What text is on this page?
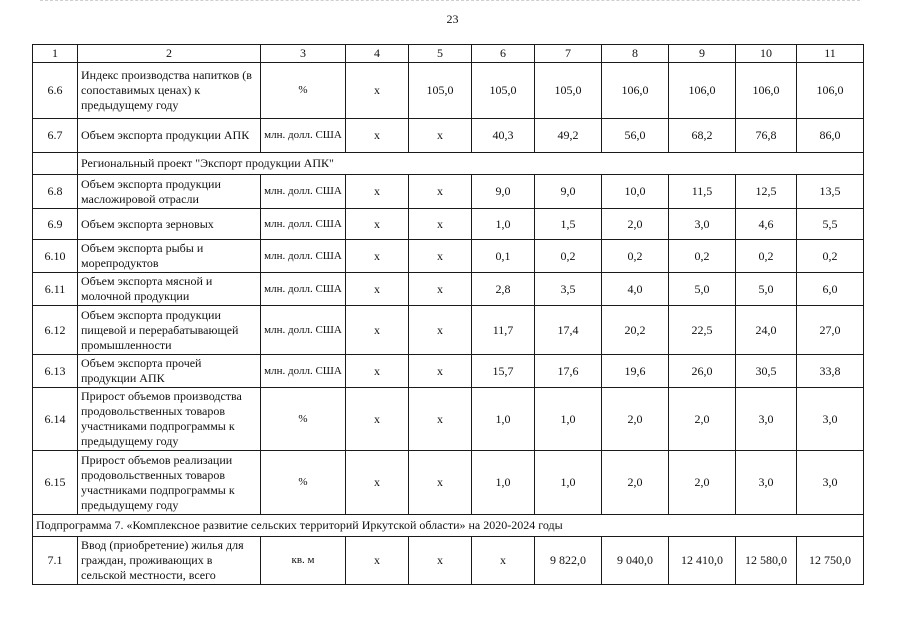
23
1	2	3	4	5	6	7	8	9	10	11
6.6	Индекс производства напитков (в сопоставимых ценах) к предыдущему году	%	x	105,0	105,0	105,0	106,0	106,0	106,0	106,0
6.7	Объем экспорта продукции АПК	млн. долл. США	x	x	40,3	49,2	56,0	68,2	76,8	86,0
	Региональный проект "Экспорт продукции АПК"									
6.8	Объем экспорта продукции масложировой отрасли	млн. долл. США	x	x	9,0	9,0	10,0	11,5	12,5	13,5
6.9	Объем экспорта зерновых	млн. долл. США	x	x	1,0	1,5	2,0	3,0	4,6	5,5
6.10	Объем экспорта рыбы и морепродуктов	млн. долл. США	x	x	0,1	0,2	0,2	0,2	0,2	0,2
6.11	Объем экспорта мясной и молочной продукции	млн. долл. США	x	x	2,8	3,5	4,0	5,0	5,0	6,0
6.12	Объем экспорта продукции пищевой и перерабатывающей промышленности	млн. долл. США	x	x	11,7	17,4	20,2	22,5	24,0	27,0
6.13	Объем экспорта прочей продукции АПК	млн. долл. США	x	x	15,7	17,6	19,6	26,0	30,5	33,8
6.14	Прирост объемов производства продовольственных товаров участниками подпрограммы к предыдущему году	%	x	x	1,0	1,0	2,0	2,0	3,0	3,0
6.15	Прирост объемов реализации продовольственных товаров участниками подпрограммы к предыдущему году	%	x	x	1,0	1,0	2,0	2,0	3,0	3,0
Подпрограмма 7. «Комплексное развитие сельских территорий Иркутской области» на 2020-2024 годы										
7.1	Ввод (приобретение) жилья для граждан, проживающих в сельской местности, всего	кв. м	x	x	x	9 822,0	9 040,0	12 410,0	12 580,0	12 750,0
